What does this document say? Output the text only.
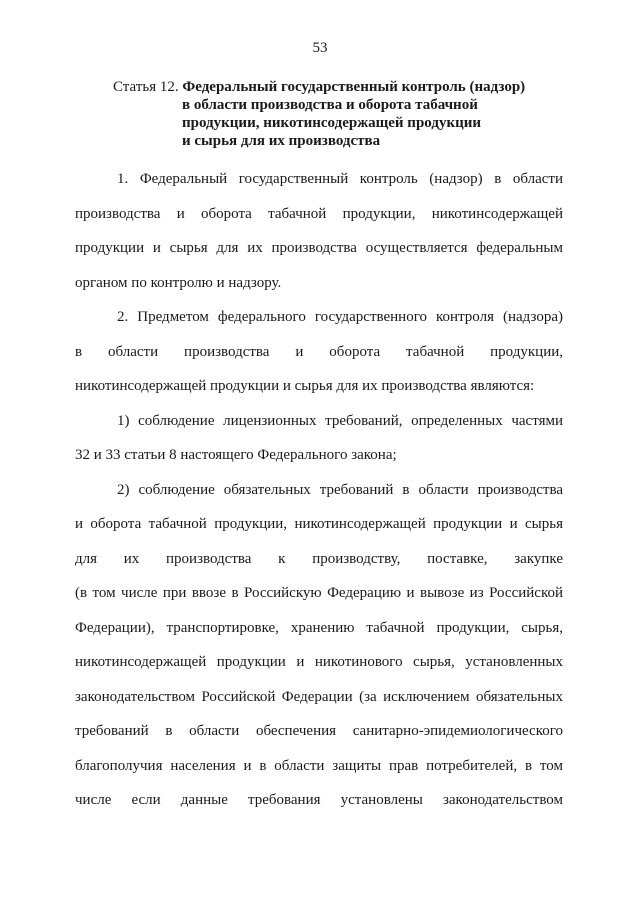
53
Статья 12. Федеральный государственный контроль (надзор)
в области производства и оборота табачной
продукции, никотинсодержащей продукции
и сырья для их производства

1. Федеральный государственный контроль (надзор) в области
производства и оборота табачной продукции, никотинсодержащей
продукции и сырья для их производства осуществляется федеральным
органом по контролю и надзору.

2. Предметом федерального государственного контроля (надзора)
в области производства и оборота табачной продукции,
никотинсодержащей продукции и сырья для их производства являются:

1) соблюдение лицензионных требований, определенных частями
32 и 33 статьи 8 настоящего Федерального закона;

2) соблюдение обязательных требований в области производства
и оборота табачной продукции, никотинсодержащей продукции и сырья
для их производства к производству, поставке, закупке
(в том числе при ввозе в Российскую Федерацию и вывозе из Российской
Федерации), транспортировке, хранению табачной продукции, сырья,
никотинсодержащей продукции и никотинового сырья, установленных
законодательством Российской Федерации (за исключением обязательных
требований в области обеспечения санитарно-эпидемиологического
благополучия населения и в области защиты прав потребителей, в том
числе если данные требования установлены законодательством
